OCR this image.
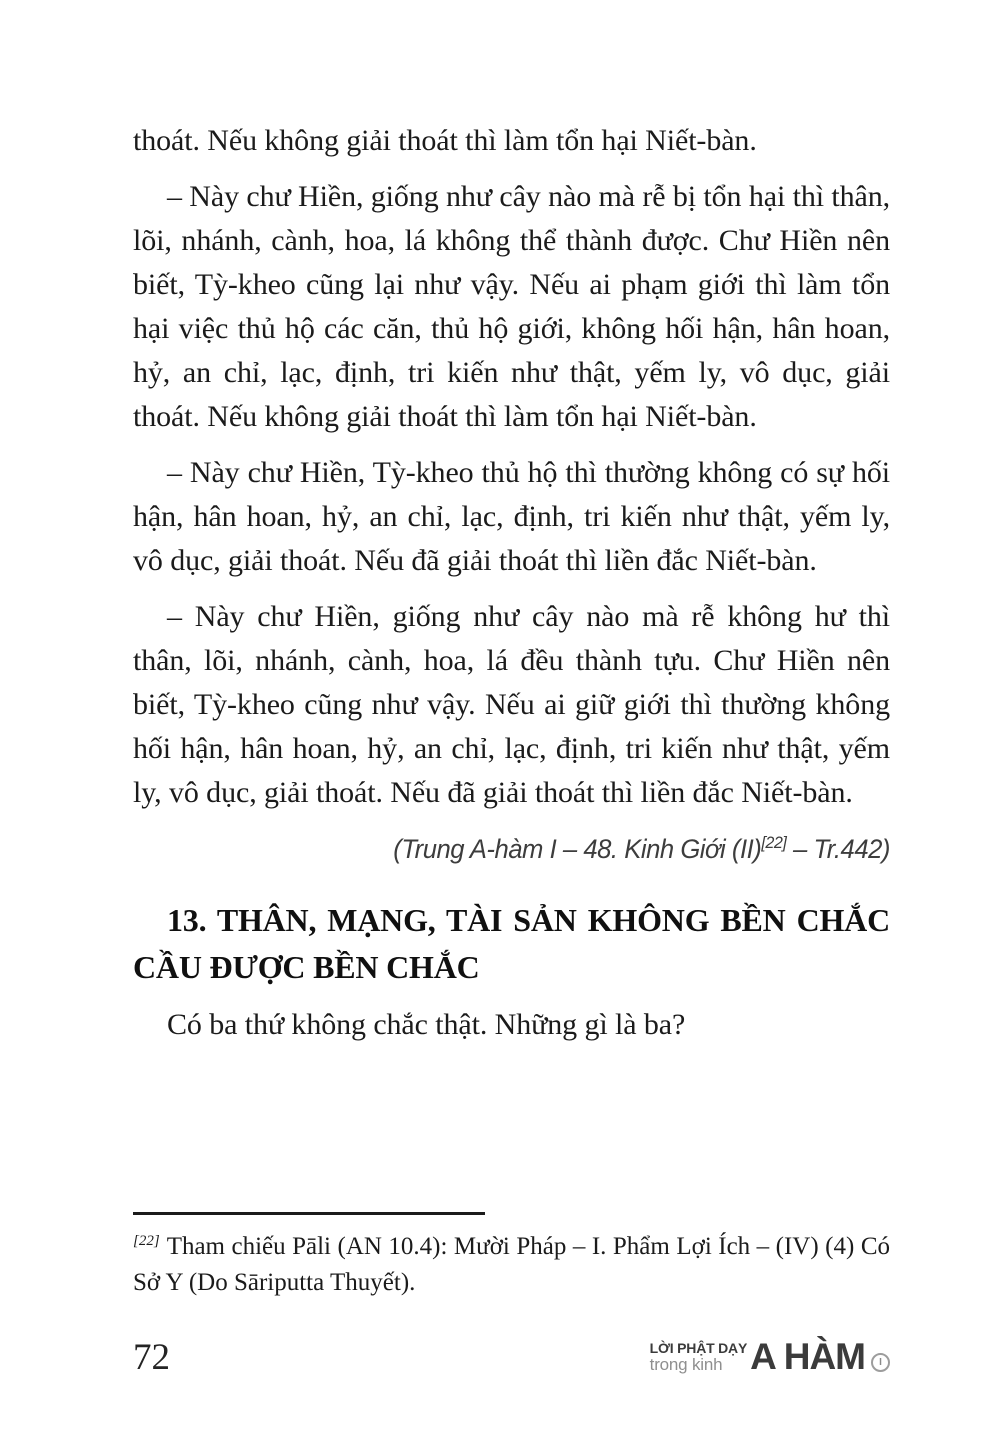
thoát. Nếu không giải thoát thì làm tổn hại Niết-bàn.

– Này chư Hiền, giống như cây nào mà rễ bị tổn hại thì thân, lõi, nhánh, cành, hoa, lá không thể thành được. Chư Hiền nên biết, Tỳ-kheo cũng lại như vậy. Nếu ai phạm giới thì làm tổn hại việc thủ hộ các căn, thủ hộ giới, không hối hận, hân hoan, hỷ, an chỉ, lạc, định, tri kiến như thật, yếm ly, vô dục, giải thoát. Nếu không giải thoát thì làm tổn hại Niết-bàn.

– Này chư Hiền, Tỳ-kheo thủ hộ thì thường không có sự hối hận, hân hoan, hỷ, an chỉ, lạc, định, tri kiến như thật, yếm ly, vô dục, giải thoát. Nếu đã giải thoát thì liền đắc Niết-bàn.

– Này chư Hiền, giống như cây nào mà rễ không hư thì thân, lõi, nhánh, cành, hoa, lá đều thành tựu. Chư Hiền nên biết, Tỳ-kheo cũng như vậy. Nếu ai giữ giới thì thường không hối hận, hân hoan, hỷ, an chỉ, lạc, định, tri kiến như thật, yếm ly, vô dục, giải thoát. Nếu đã giải thoát thì liền đắc Niết-bàn.

(Trung A-hàm I – 48. Kinh Giới (II)[22] – Tr.442)

13. THÂN, MẠNG, TÀI SẢN KHÔNG BỀN CHẮC
CẦU ĐƯỢC BỀN CHẮC

Có ba thứ không chắc thật. Những gì là ba?

[22] Tham chiếu Pāli (AN 10.4): Mười Pháp – I. Phẩm Lợi Ích – (IV) (4) Có Sở Y (Do Sāriputta Thuyết).

72	LỜI PHẬT DẠY
trong kinh A HÀM	I
